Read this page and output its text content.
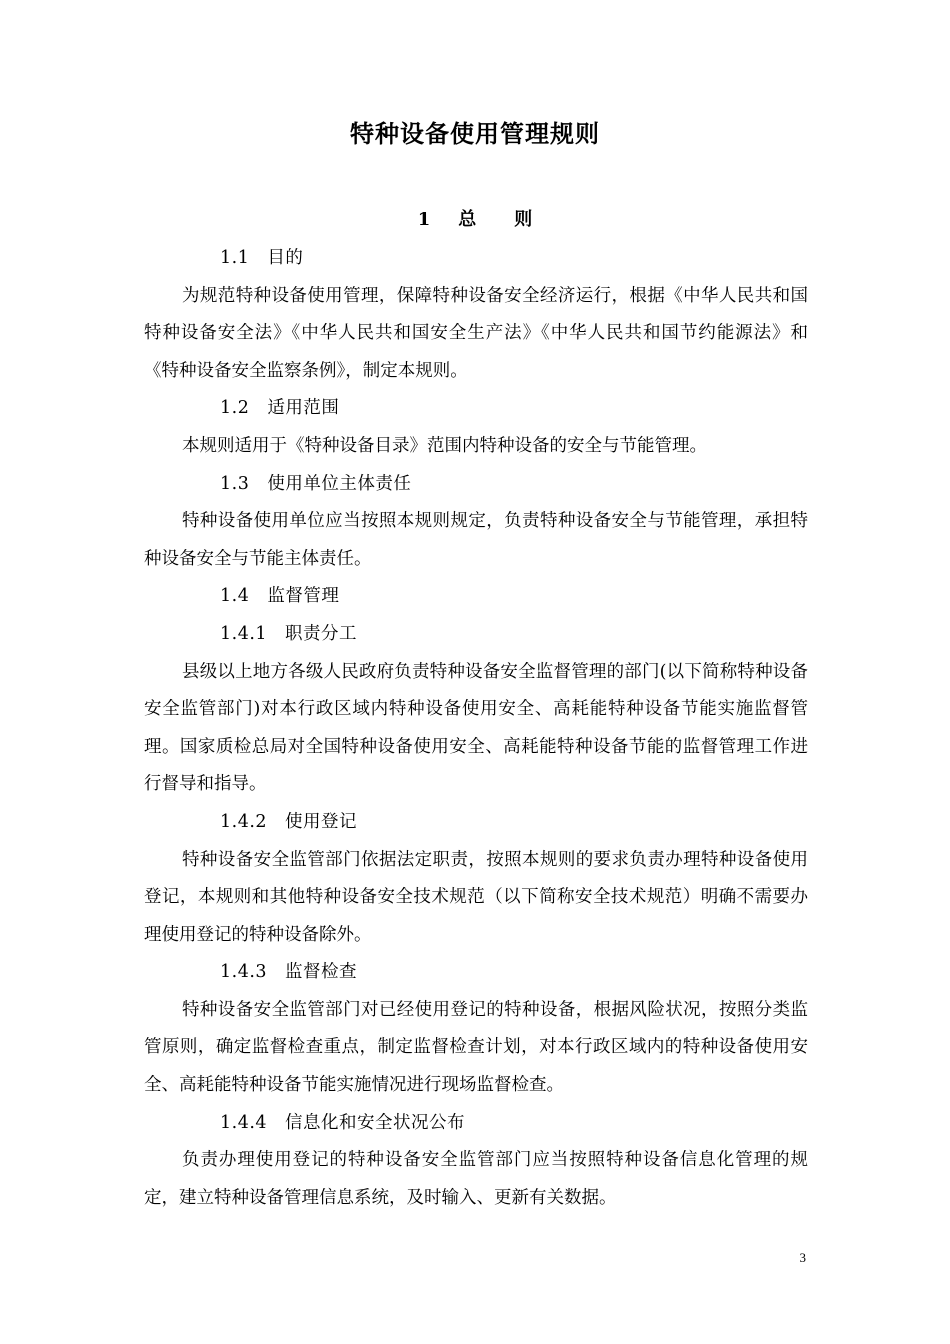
特种设备使用管理规则
1 总则

1.1 目的

为规范特种设备使用管理，保障特种设备安全经济运行，根据《中华人民共和国特种设备安全法》《中华人民共和国安全生产法》《中华人民共和国节约能源法》和《特种设备安全监察条例》，制定本规则。

1.2 适用范围

本规则适用于《特种设备目录》范围内特种设备的安全与节能管理。

1.3 使用单位主体责任

特种设备使用单位应当按照本规则规定，负责特种设备安全与节能管理，承担特种设备安全与节能主体责任。

1.4 监督管理

1.4.1 职责分工

县级以上地方各级人民政府负责特种设备安全监督管理的部门(以下简称特种设备安全监管部门)对本行政区域内特种设备使用安全、高耗能特种设备节能实施监督管理。国家质检总局对全国特种设备使用安全、高耗能特种设备节能的监督管理工作进行督导和指导。

1.4.2 使用登记

特种设备安全监管部门依据法定职责，按照本规则的要求负责办理特种设备使用登记，本规则和其他特种设备安全技术规范（以下简称安全技术规范）明确不需要办理使用登记的特种设备除外。

1.4.3 监督检查

特种设备安全监管部门对已经使用登记的特种设备，根据风险状况，按照分类监管原则，确定监督检查重点，制定监督检查计划，对本行政区域内的特种设备使用安全、高耗能特种设备节能实施情况进行现场监督检查。

1.4.4 信息化和安全状况公布

负责办理使用登记的特种设备安全监管部门应当按照特种设备信息化管理的规定，建立特种设备管理信息系统，及时输入、更新有关数据。

3
